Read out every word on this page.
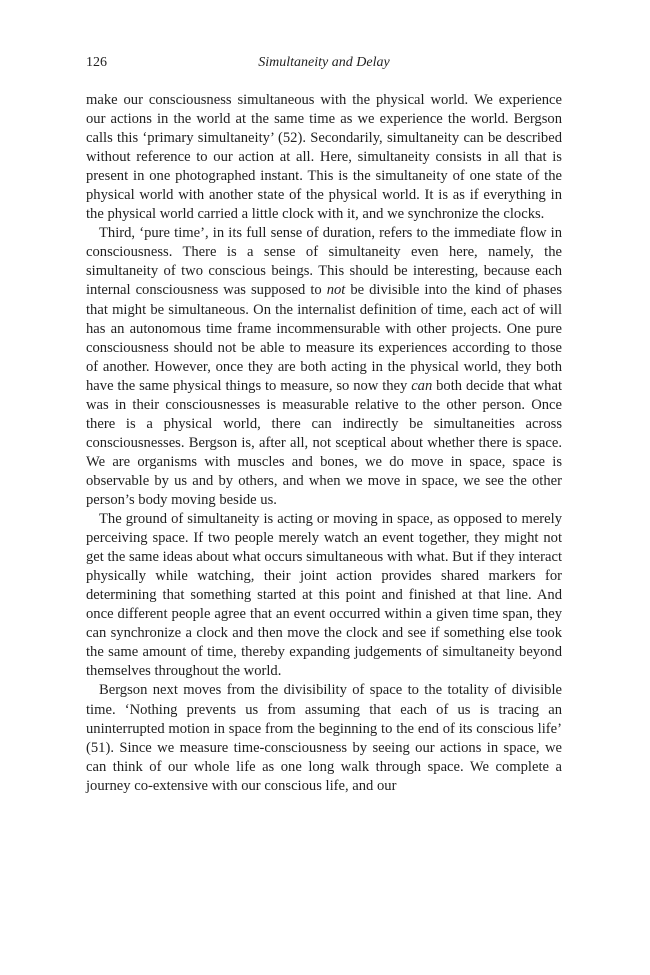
126	Simultaneity and Delay

make our consciousness simultaneous with the physical world. We experience our actions in the world at the same time as we experience the world. Bergson calls this ‘primary simultaneity’ (52). Secondarily, simultaneity can be described without reference to our action at all. Here, simultaneity consists in all that is present in one photographed instant. This is the simultaneity of one state of the physical world with another state of the physical world. It is as if everything in the physical world carried a little clock with it, and we synchronize the clocks.

Third, ‘pure time’, in its full sense of duration, refers to the immediate flow in consciousness. There is a sense of simultaneity even here, namely, the simultaneity of two conscious beings. This should be interesting, because each internal consciousness was supposed to not be divisible into the kind of phases that might be simultaneous. On the internalist definition of time, each act of will has an autonomous time frame incommensurable with other projects. One pure consciousness should not be able to measure its experiences according to those of another. However, once they are both acting in the physical world, they both have the same physical things to measure, so now they can both decide that what was in their consciousnesses is measurable relative to the other person. Once there is a physical world, there can indirectly be simultaneities across consciousnesses. Bergson is, after all, not sceptical about whether there is space. We are organisms with muscles and bones, we do move in space, space is observable by us and by others, and when we move in space, we see the other person’s body moving beside us.

The ground of simultaneity is acting or moving in space, as opposed to merely perceiving space. If two people merely watch an event together, they might not get the same ideas about what occurs simultaneous with what. But if they interact physically while watching, their joint action provides shared markers for determining that something started at this point and finished at that line. And once different people agree that an event occurred within a given time span, they can synchronize a clock and then move the clock and see if something else took the same amount of time, thereby expanding judgements of simultaneity beyond themselves throughout the world.

Bergson next moves from the divisibility of space to the totality of divisible time. ‘Nothing prevents us from assuming that each of us is tracing an uninterrupted motion in space from the beginning to the end of its conscious life’ (51). Since we measure time-consciousness by seeing our actions in space, we can think of our whole life as one long walk through space. We complete a journey co-extensive with our conscious life, and our
